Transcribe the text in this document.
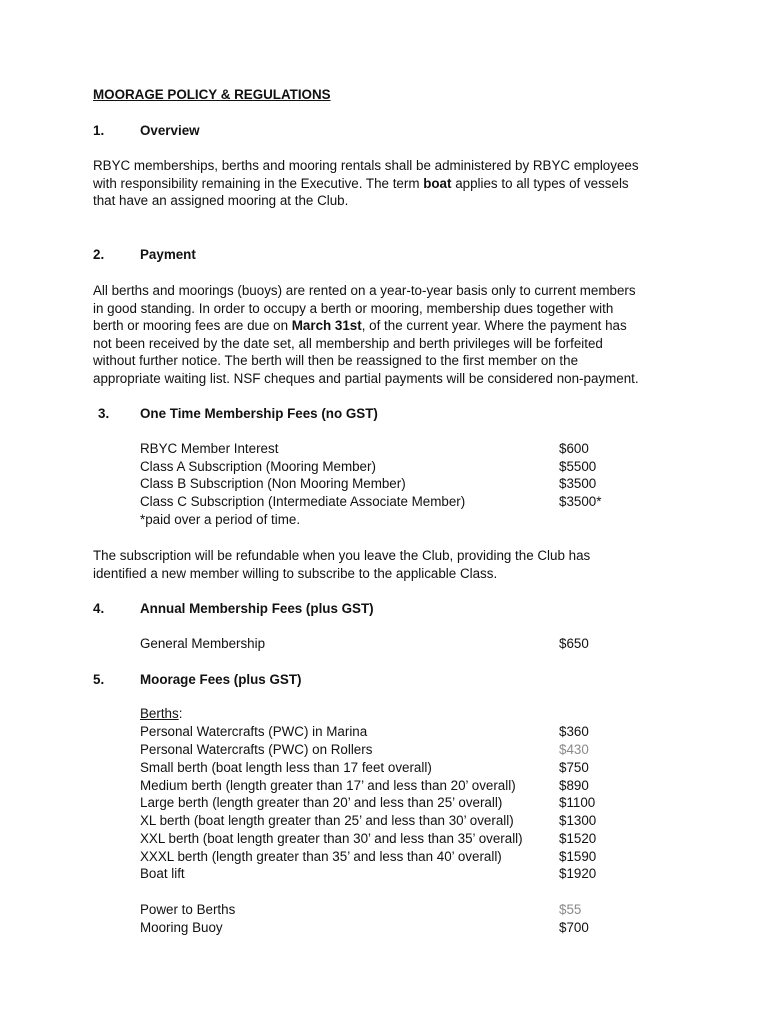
MOORAGE POLICY & REGULATIONS
1.	Overview
RBYC memberships, berths and mooring rentals shall be administered by RBYC employees
with responsibility remaining in the Executive. The term boat applies to all types of vessels
that have an assigned mooring at the Club.
2.	Payment
All berths and moorings (buoys) are rented on a year-to-year basis only to current members
in good standing. In order to occupy a berth or mooring, membership dues together with
berth or mooring fees are due on March 31st, of the current year. Where the payment has
not been received by the date set, all membership and berth privileges will be forfeited
without further notice. The berth will then be reassigned to the first member on the
appropriate waiting list. NSF cheques and partial payments will be considered non-payment.
3. One Time Membership Fees (no GST)
RBYC Member Interest	$600
Class A Subscription (Mooring Member)	$5500
Class B Subscription (Non Mooring Member)	$3500
Class C Subscription (Intermediate Associate Member)	$3500*
*paid over a period of time.
The subscription will be refundable when you leave the Club, providing the Club has
identified a new member willing to subscribe to the applicable Class.
4.	Annual Membership Fees (plus GST)
General Membership	$650
5.	Moorage Fees (plus GST)
Berths:
Personal Watercrafts (PWC) in Marina	$360
Personal Watercrafts (PWC) on Rollers	$430
Small berth (boat length less than 17 feet overall)	$750
Medium berth (length greater than 17’ and less than 20’ overall)	$890
Large berth (length greater than 20’ and less than 25’ overall)	$1100
XL berth (boat length greater than 25’ and less than 30’ overall)	$1300
XXL berth (boat length greater than 30’ and less than 35’ overall)	$1520
XXXL berth (length greater than 35’ and less than 40’ overall)	$1590
Boat lift	$1920
Power to Berths	$55
Mooring Buoy	$700
